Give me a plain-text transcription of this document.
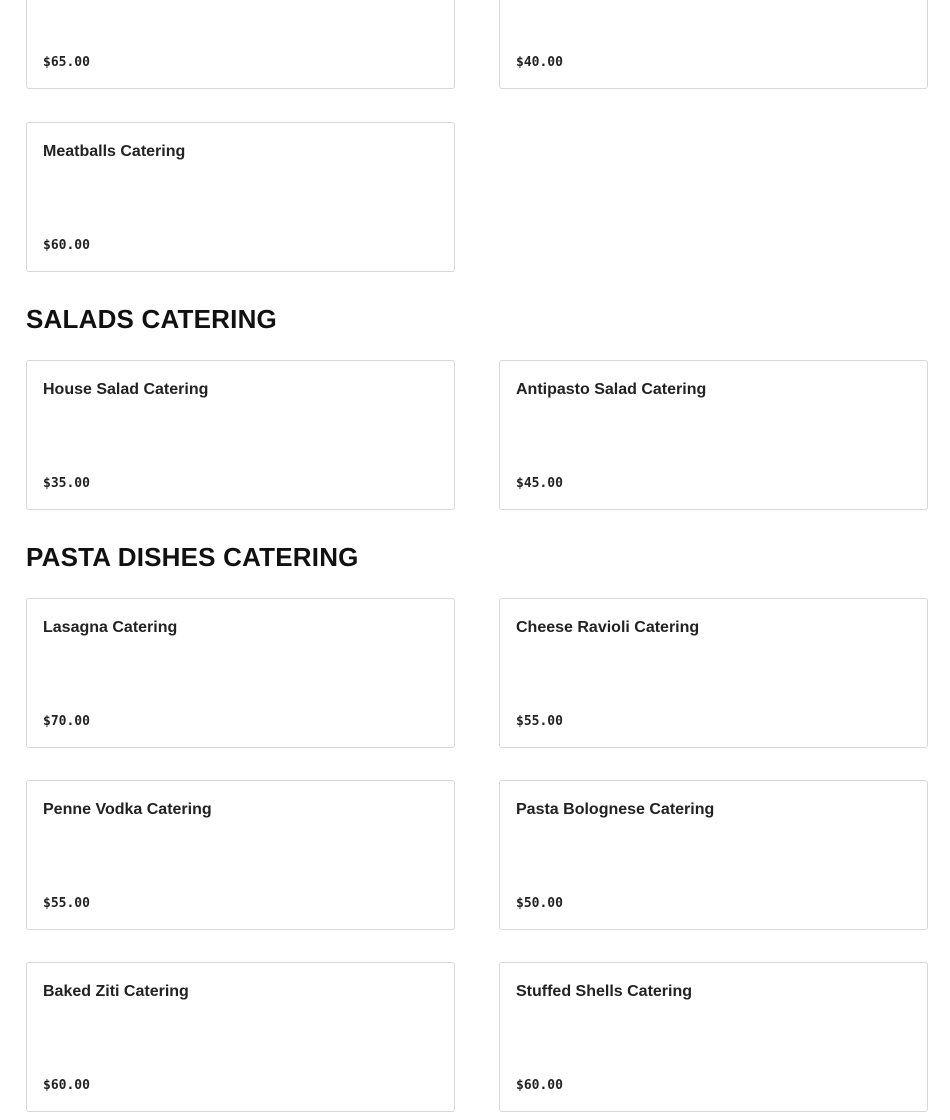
$65.00	$40.00
Meatballs Catering
$60.00
SALADS CATERING
House Salad Catering
$35.00
Antipasto Salad Catering
$45.00
PASTA DISHES CATERING
Lasagna Catering
$70.00
Cheese Ravioli Catering
$55.00
Penne Vodka Catering
$55.00
Pasta Bolognese Catering
$50.00
Baked Ziti Catering
$60.00
Stuffed Shells Catering
$60.00
